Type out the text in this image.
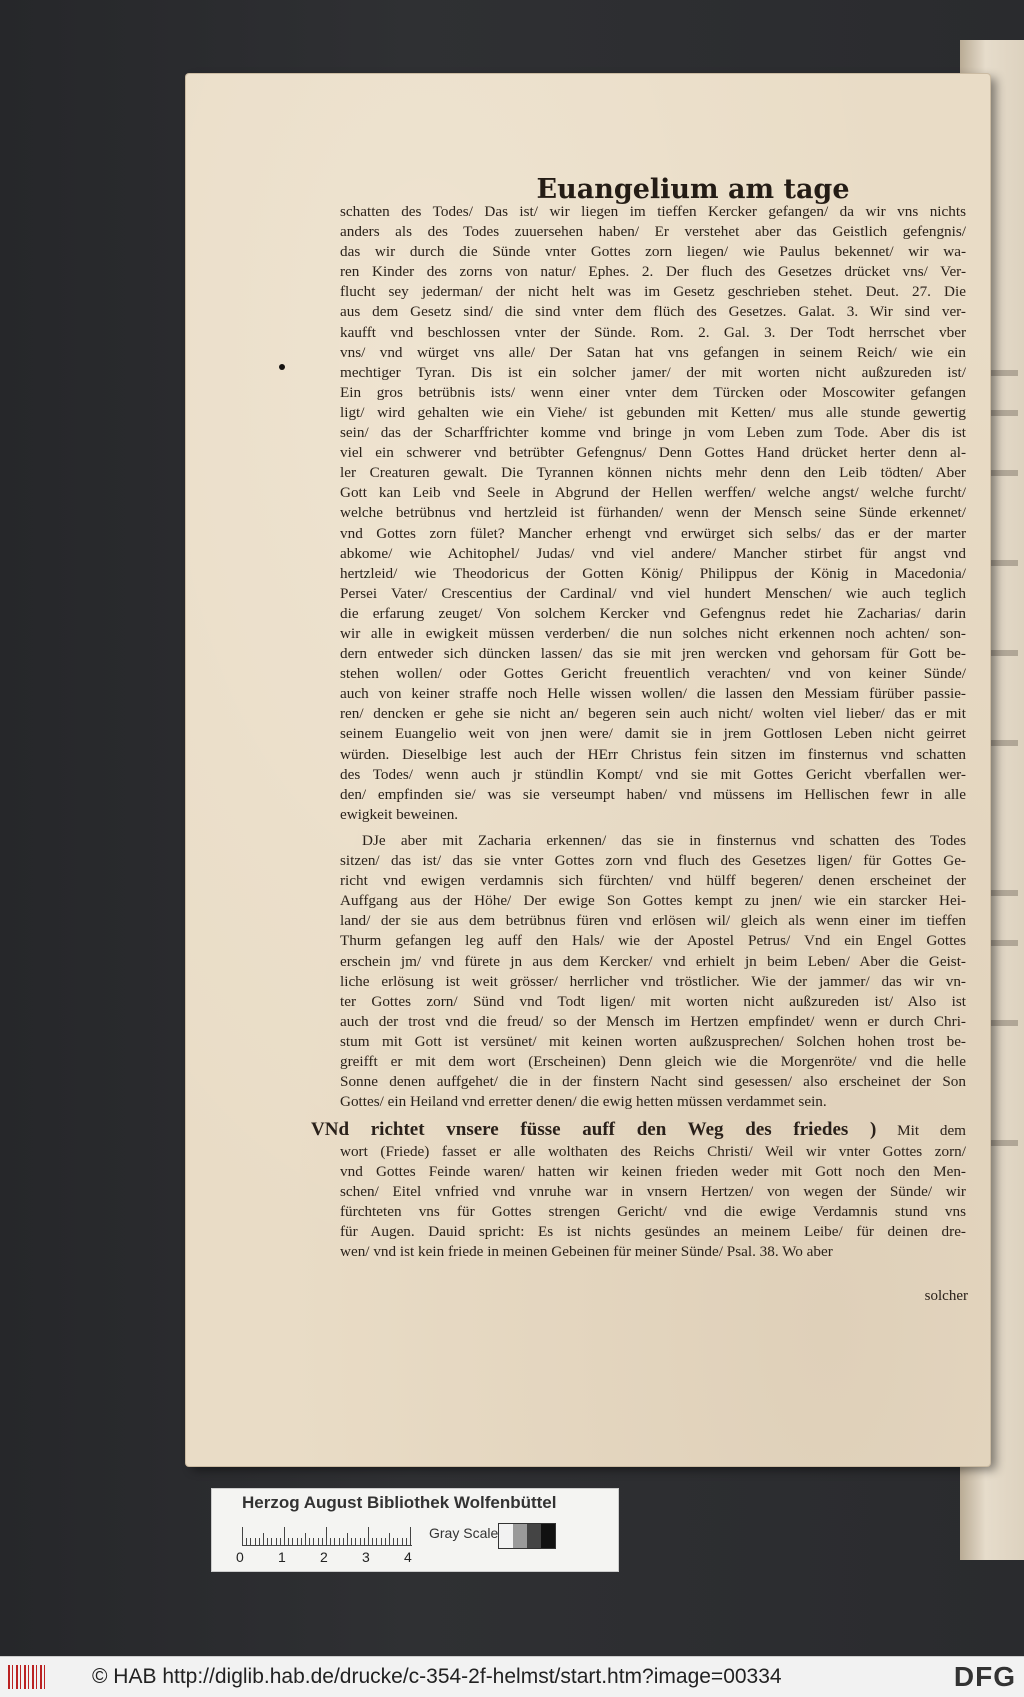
Euangelium am tage
schatten des Todes/ Das ist/ wir liegen im tieffen Kercker gefangen/ da wir vns nichts
anders als des Todes zuuersehen haben/ Er verstehet aber das Geistlich gefengnis/
das wir durch die Sünde vnter Gottes zorn liegen/ wie Paulus bekennet/ wir wa-
ren Kinder des zorns von natur/ Ephes. 2. Der fluch des Gesetzes drücket vns/ Ver-
flucht sey jederman/ der nicht helt was im Gesetz geschrieben stehet. Deut. 27. Die
aus dem Gesetz sind/ die sind vnter dem flüch des Gesetzes. Galat. 3. Wir sind ver-
kaufft vnd beschlossen vnter der Sünde. Rom. 2. Gal. 3. Der Todt herrschet vber
vns/ vnd würget vns alle/ Der Satan hat vns gefangen in seinem Reich/ wie ein
mechtiger Tyran. Dis ist ein solcher jamer/ der mit worten nicht außzureden ist/
Ein gros betrübnis ists/ wenn einer vnter dem Türcken oder Moscowiter gefangen
ligt/ wird gehalten wie ein Viehe/ ist gebunden mit Ketten/ mus alle stunde gewertig
sein/ das der Scharffrichter komme vnd bringe jn vom Leben zum Tode. Aber dis ist
viel ein schwerer vnd betrübter Gefengnus/ Denn Gottes Hand drücket herter denn al-
ler Creaturen gewalt. Die Tyrannen können nichts mehr denn den Leib tödten/ Aber
Gott kan Leib vnd Seele in Abgrund der Hellen werffen/ welche angst/ welche furcht/
welche betrübnus vnd hertzleid ist fürhanden/ wenn der Mensch seine Sünde erkennet/
vnd Gottes zorn fület? Mancher erhengt vnd erwürget sich selbs/ das er der marter
abkome/ wie Achitophel/ Judas/ vnd viel andere/ Mancher stirbet für angst vnd
hertzleid/ wie Theodoricus der Gotten König/ Philippus der König in Macedonia/
Persei Vater/ Crescentius der Cardinal/ vnd viel hundert Menschen/ wie auch teglich
die erfarung zeuget/ Von solchem Kercker vnd Gefengnus redet hie Zacharias/ darin
wir alle in ewigkeit müssen verderben/ die nun solches nicht erkennen noch achten/ son-
dern entweder sich düncken lassen/ das sie mit jren wercken vnd gehorsam für Gott be-
stehen wollen/ oder Gottes Gericht freuentlich verachten/ vnd von keiner Sünde/
auch von keiner straffe noch Helle wissen wollen/ die lassen den Messiam fürüber passie-
ren/ dencken er gehe sie nicht an/ begeren sein auch nicht/ wolten viel lieber/ das er mit
seinem Euangelio weit von jnen were/ damit sie in jrem Gottlosen Leben nicht geirret
würden. Dieselbige lest auch der HErr Christus fein sitzen im finsternus vnd schatten
des Todes/ wenn auch jr stündlin Kompt/ vnd sie mit Gottes Gericht vberfallen wer-
den/ empfinden sie/ was sie verseumpt haben/ vnd müssens im Hellischen fewr in alle
ewigkeit beweinen.
DJe aber mit Zacharia erkennen/ das sie in finsternus vnd schatten des Todes
sitzen/ das ist/ das sie vnter Gottes zorn vnd fluch des Gesetzes ligen/ für Gottes Ge-
richt vnd ewigen verdamnis sich fürchten/ vnd hülff begeren/ denen erscheinet der
Auffgang aus der Höhe/ Der ewige Son Gottes kempt zu jnen/ wie ein starcker Hei-
land/ der sie aus dem betrübnus füren vnd erlösen wil/ gleich als wenn einer im tieffen
Thurm gefangen leg auff den Hals/ wie der Apostel Petrus/ Vnd ein Engel Gottes
erschein jm/ vnd fürete jn aus dem Kercker/ vnd erhielt jn beim Leben/ Aber die Geist-
liche erlösung ist weit grösser/ herrlicher vnd tröstlicher. Wie der jammer/ das wir vn-
ter Gottes zorn/ Sünd vnd Todt ligen/ mit worten nicht außzureden ist/ Also ist
auch der trost vnd die freud/ so der Mensch im Hertzen empfindet/ wenn er durch Chri-
stum mit Gott ist versünet/ mit keinen worten außzusprechen/ Solchen hohen trost be-
greifft er mit dem wort (Erscheinen) Denn gleich wie die Morgenröte/ vnd die helle
Sonne denen auffgehet/ die in der finstern Nacht sind gesessen/ also erscheinet der Son
Gottes/ ein Heiland vnd erretter denen/ die ewig hetten müssen verdammet sein.
VNd richtet vnsere füsse auff den Weg des friedes ) Mit dem
wort (Friede) fasset er alle wolthaten des Reichs Christi/ Weil wir vnter Gottes zorn/
vnd Gottes Feinde waren/ hatten wir keinen frieden weder mit Gott noch den Men-
schen/ Eitel vnfried vnd vnruhe war in vnsern Hertzen/ von wegen der Sünde/ wir
fürchteten vns für Gottes strengen Gericht/ vnd die ewige Verdamnis stund vns
für Augen. Dauid spricht: Es ist nichts gesündes an meinem Leibe/ für deinen dre-
wen/ vnd ist kein friede in meinen Gebeinen für meiner Sünde/ Psal. 38. Wo aber
solcher
Herzog August Bibliothek Wolfenbüttel
0 1 2 3 4
Gray Scale
© HAB http://diglib.hab.de/drucke/c-354-2f-helmst/start.htm?image=00334	DFG
